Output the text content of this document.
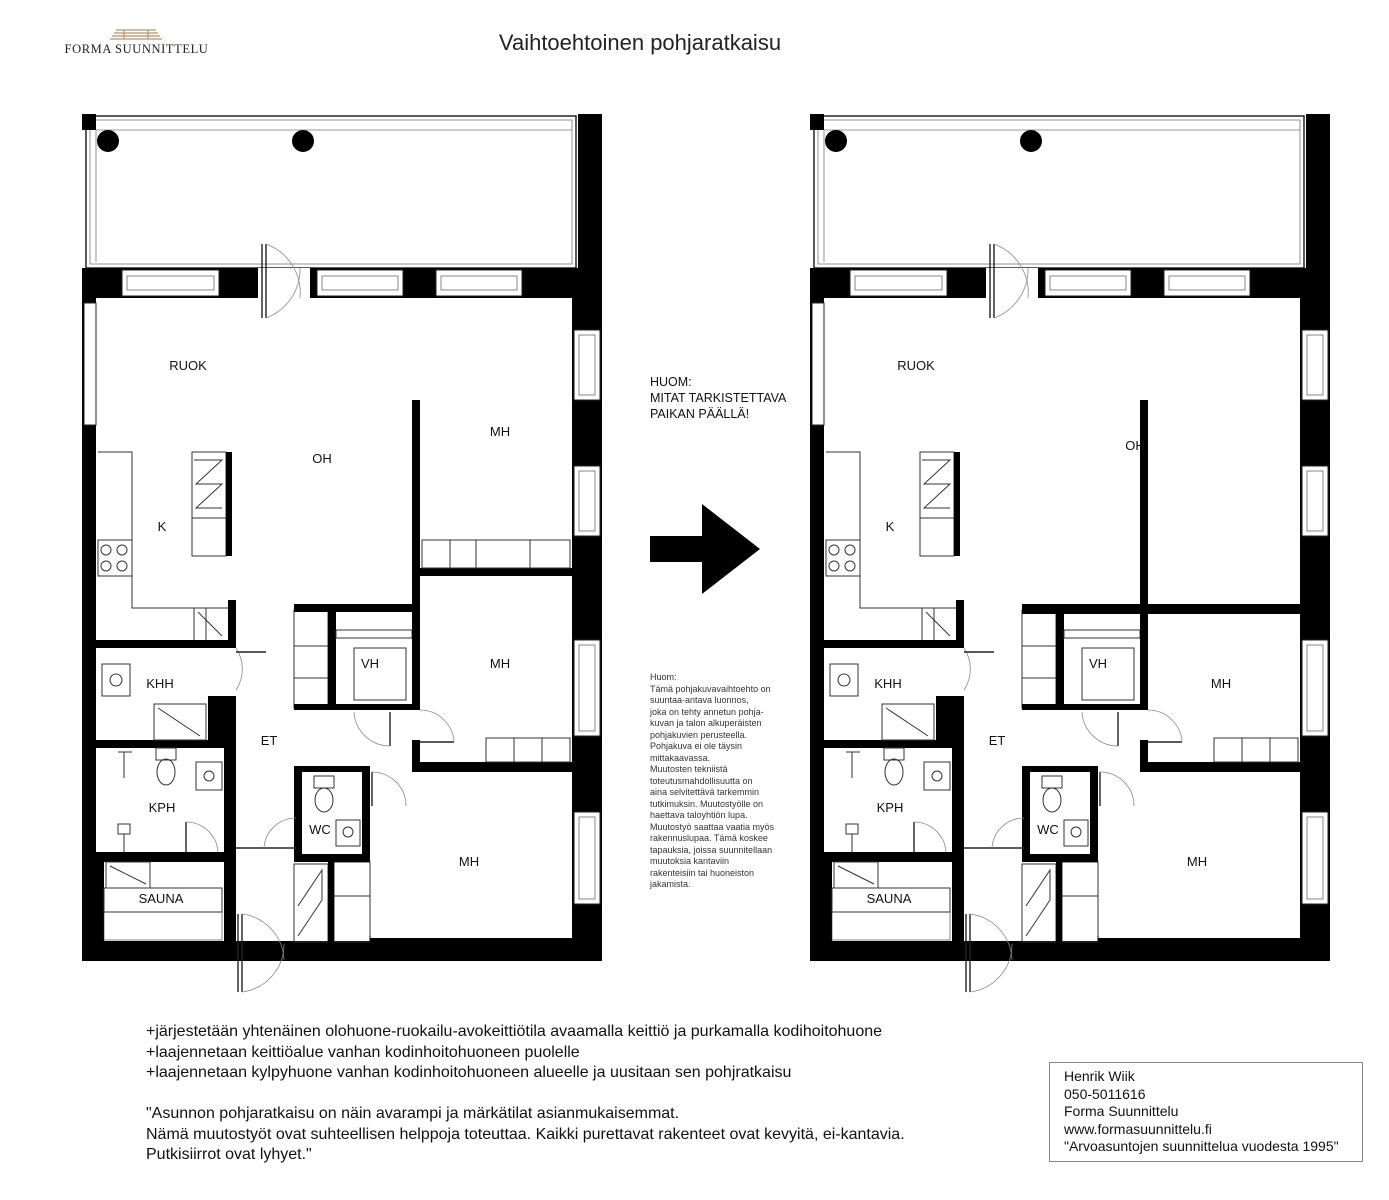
FORMA SUUNNITTELU	Vaihtoehtoinen pohjaratkaisu
RUOK
OH
MH
K
KHH
VH	MH
ET
KPH
WC
MH
SAUNA
RUOK
OH
K
KHH
VH
MH
ET
KPH
WC
MH
SAUNA
HUOM:
MITAT TARKISTETTAVA
PAIKAN PÄÄLLÄ!
Huom:
Tämä pohjakuvavaihtoehto on
suuntaa-antava luonnos,
joka on tehty annetun pohja-
kuvan ja talon alkuperäisten
pohjakuvien perusteella.
Pohjakuva ei ole täysin
mittakaavassa.
Muutosten tekniistä
toteutusmahdollisuutta on
aina selvitettävä tarkemmin
tutkimuksin. Muutostyölle on
haettava taloyhtiön lupa.
Muutostyö saattaa vaatia myös
rakennuslupaa. Tämä koskee
tapauksia, joissa suunnitellaan
muutoksia kantaviin
rakenteisiin tai huoneiston
jakamista.
+järjestetään yhtenäinen olohuone-ruokailu-avokeittiötila avaamalla keittiö ja purkamalla kodihoitohuone
+laajennetaan keittiöalue vanhan kodinhoitohuoneen puolelle
+laajennetaan kylpyhuone vanhan kodinhoitohuoneen alueelle ja uusitaan sen pohjratkaisu
"Asunnon pohjaratkaisu on näin avarampi ja märkätilat asianmukaisemmat.
Nämä muutostyöt ovat suhteellisen helppoja toteuttaa. Kaikki purettavat rakenteet ovat kevyitä, ei-kantavia.
Putkisiirrot ovat lyhyet."
Henrik Wiik
050-5011616
Forma Suunnittelu
www.formasuunnittelu.fi
"Arvoasuntojen suunnittelua vuodesta 1995"
